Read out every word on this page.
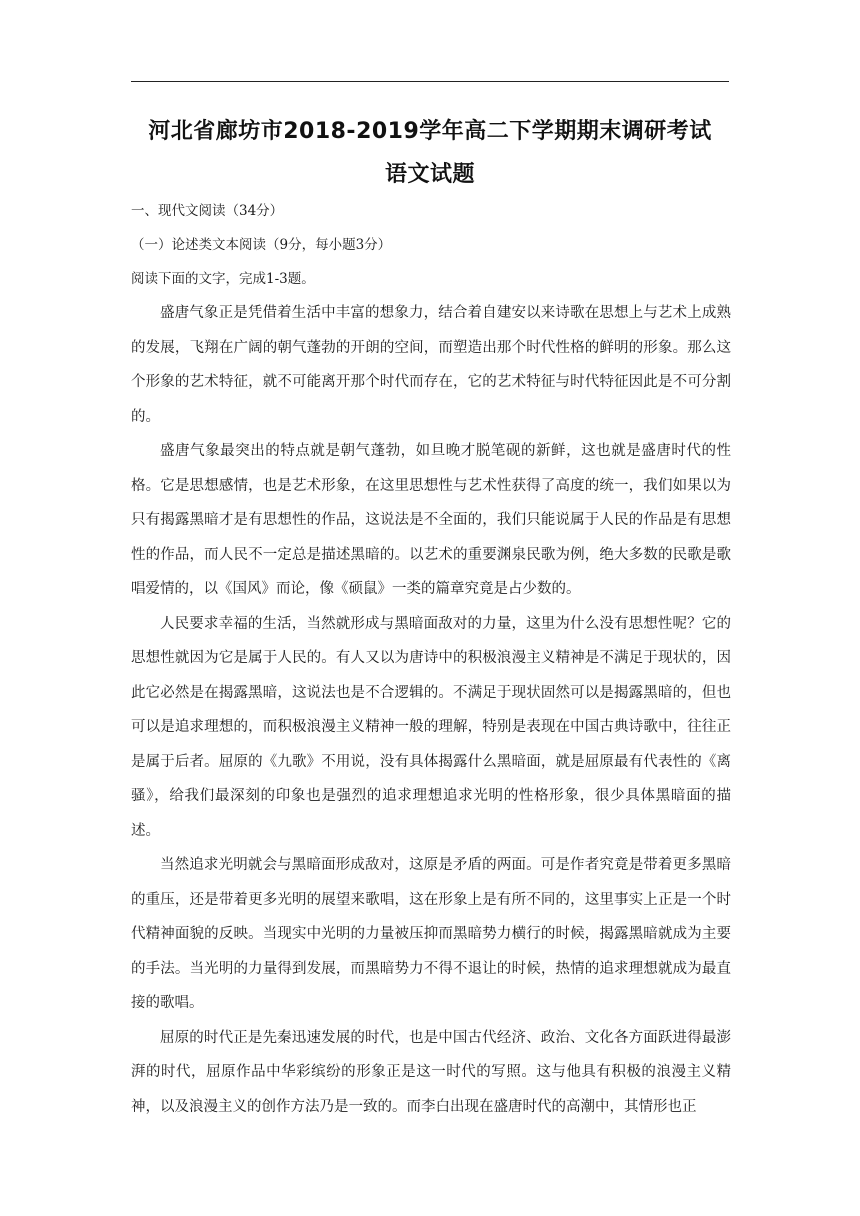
河北省廊坊市2018-2019学年高二下学期期末调研考试
语文试题
一、现代文阅读（34分）
（一）论述类文本阅读（9分，每小题3分）
阅读下面的文字，完成1-3题。

盛唐气象正是凭借着生活中丰富的想象力，结合着自建安以来诗歌在思想上与艺术上成熟的发展，飞翔在广阔的朝气蓬勃的开朗的空间，而塑造出那个时代性格的鲜明的形象。那么这个形象的艺术特征，就不可能离开那个时代而存在，它的艺术特征与时代特征因此是不可分割的。

盛唐气象最突出的特点就是朝气蓬勃，如旦晚才脱笔砚的新鲜，这也就是盛唐时代的性格。它是思想感情，也是艺术形象，在这里思想性与艺术性获得了高度的统一，我们如果以为只有揭露黑暗才是有思想性的作品，这说法是不全面的，我们只能说属于人民的作品是有思想性的作品，而人民不一定总是描述黑暗的。以艺术的重要渊泉民歌为例，绝大多数的民歌是歌唱爱情的，以《国风》而论，像《硕鼠》一类的篇章究竟是占少数的。

人民要求幸福的生活，当然就形成与黑暗面敌对的力量，这里为什么没有思想性呢？它的思想性就因为它是属于人民的。有人又以为唐诗中的积极浪漫主义精神是不满足于现状的，因此它必然是在揭露黑暗，这说法也是不合逻辑的。不满足于现状固然可以是揭露黑暗的，但也可以是追求理想的，而积极浪漫主义精神一般的理解，特别是表现在中国古典诗歌中，往往正是属于后者。屈原的《九歌》不用说，没有具体揭露什么黑暗面，就是屈原最有代表性的《离骚》，给我们最深刻的印象也是强烈的追求理想追求光明的性格形象，很少具体黑暗面的描述。

当然追求光明就会与黑暗面形成敌对，这原是矛盾的两面。可是作者究竟是带着更多黑暗的重压，还是带着更多光明的展望来歌唱，这在形象上是有所不同的，这里事实上正是一个时代精神面貌的反映。当现实中光明的力量被压抑而黑暗势力横行的时候，揭露黑暗就成为主要的手法。当光明的力量得到发展，而黑暗势力不得不退让的时候，热情的追求理想就成为最直接的歌唱。

屈原的时代正是先秦迅速发展的时代，也是中国古代经济、政治、文化各方面跃进得最澎湃的时代，屈原作品中华彩缤纷的形象正是这一时代的写照。这与他具有积极的浪漫主义精神，以及浪漫主义的创作方法乃是一致的。而李白出现在盛唐时代的高潮中，其情形也正
